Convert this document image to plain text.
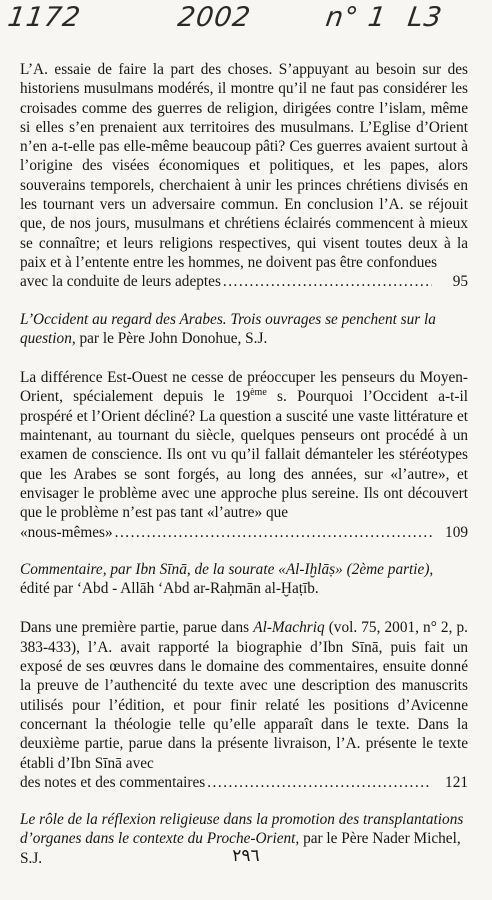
1172	2002	n° 1 L3

L’A. essaie de faire la part des choses. S’appuyant au besoin sur des historiens musulmans modérés, il montre qu’il ne faut pas considérer les croisades comme des guerres de religion, dirigées contre l’islam, même si elles s’en prenaient aux territoires des musulmans. L’Eglise d’Orient n’en a-t-elle pas elle-même beaucoup pâti? Ces guerres avaient surtout à l’origine des visées économiques et politiques, et les papes, alors souverains temporels, cherchaient à unir les princes chrétiens divisés en les tournant vers un adversaire commun. En conclusion l’A. se réjouit que, de nos jours, musulmans et chrétiens éclairés commencent à mieux se connaître; et leurs religions respectives, qui visent toutes deux à la paix et à l’entente entre les hommes, ne doivent pas être confondues

avec la conduite de leurs adeptes .....	95

L’Occident au regard des Arabes. Trois ouvrages se penchent sur la question, par le Père John Donohue, S.J.

La différence Est-Ouest ne cesse de préoccuper les penseurs du Moyen-Orient, spécialement depuis le 19ème s. Pourquoi l’Occident a-t-il prospéré et l’Orient décliné? La question a suscité une vaste littérature et maintenant, au tournant du siècle, quelques penseurs ont procédé à un examen de conscience. Ils ont vu qu’il fallait démanteler les stéréotypes que les Arabes se sont forgés, au long des années, sur «l’autre», et envisager le problème avec une approche plus sereine. Ils ont découvert que le problème n’est pas tant «l’autre» que

«nous-mêmes» .....	109

Commentaire, par Ibn Sīnā, de la sourate «Al-Iḫlāṣ» (2ème partie),
édité par ‘Abd - Allāh ‘Abd ar-Raḥmān al-Ḫaṭīb.

Dans une première partie, parue dans Al-Machriq (vol. 75, 2001, n° 2, p. 383-433), l’A. avait rapporté la biographie d’Ibn Sīnā, puis fait un exposé de ses œuvres dans le domaine des commentaires, ensuite donné la preuve de l’authencité du texte avec une description des manuscrits utilisés pour l’édition, et pour finir relaté les positions d’Avicenne concernant la théologie telle qu’elle apparaît dans le texte. Dans la deuxième partie, parue dans la présente livraison, l’A. présente le texte établi d’Ibn Sīnā avec

des notes et des commentaires .....	121

Le rôle de la réflexion religieuse dans la promotion des transplantations d’organes dans le contexte du Proche-Orient, par le Père Nader Michel, S.J.	٢٩٦
